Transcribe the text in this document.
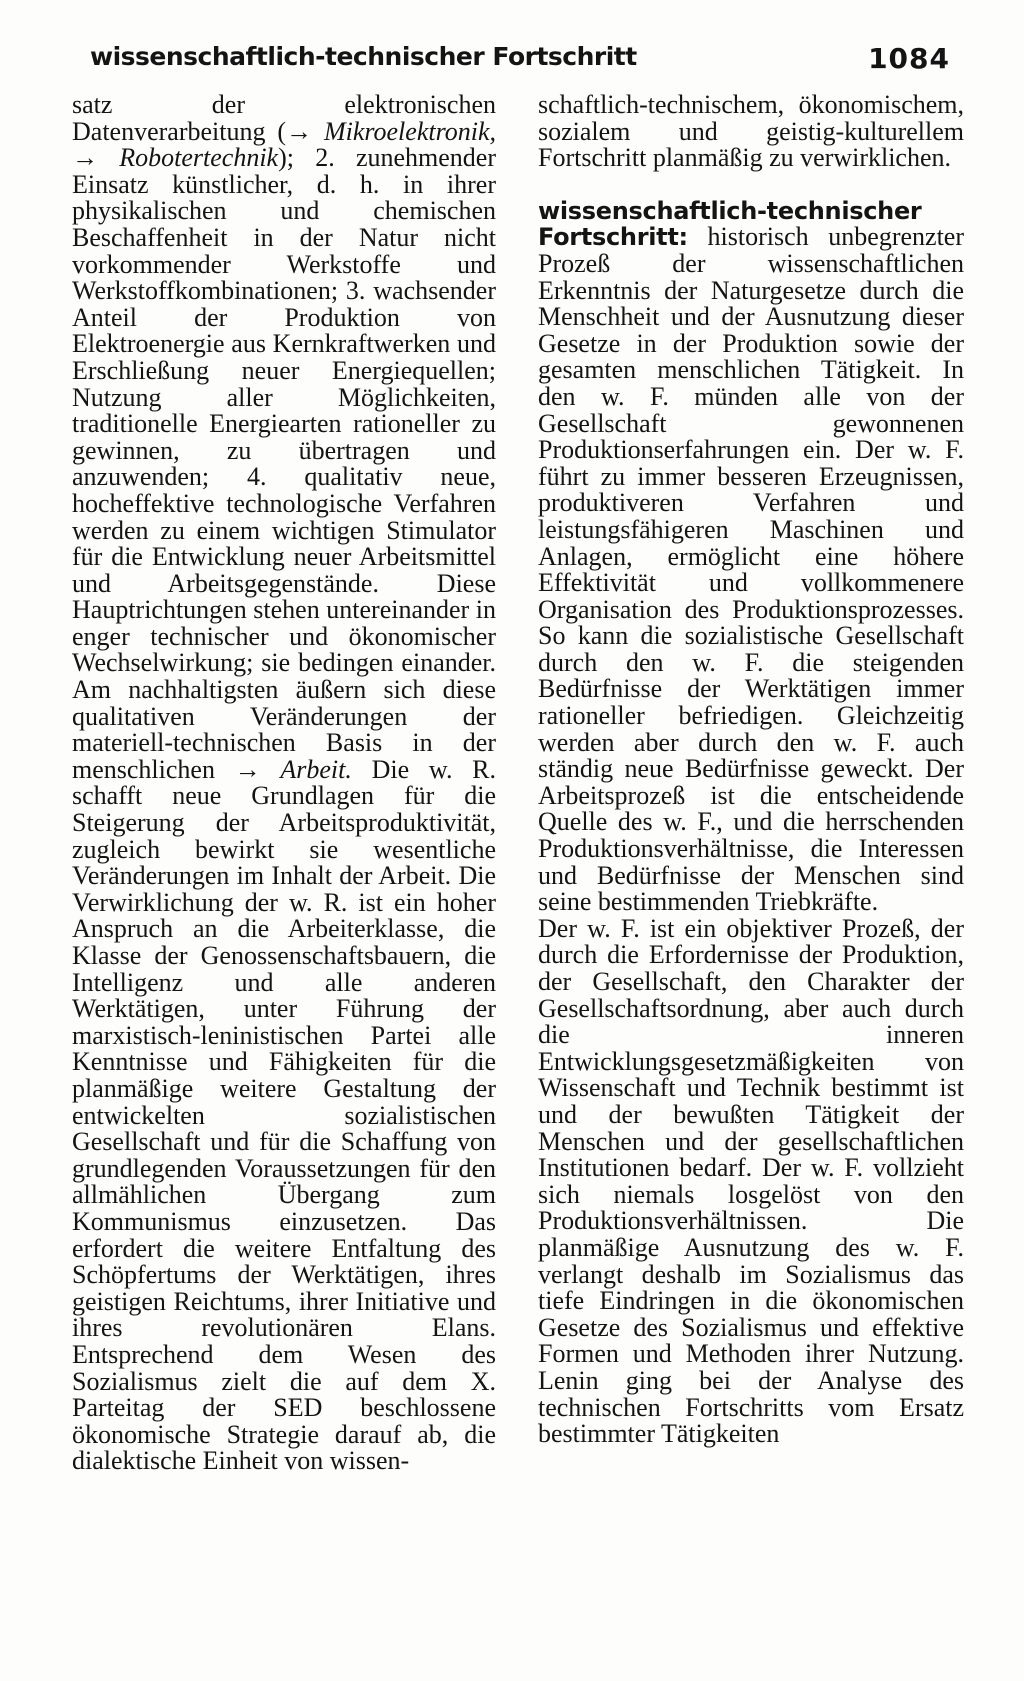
wissenschaftlich-technischer Fortschritt	1084

satz der elektronischen Datenverarbeitung (→ Mikroelektronik, → Robotertechnik); 2. zunehmender Einsatz künstlicher, d. h. in ihrer physikalischen und chemischen Beschaffenheit in der Natur nicht vorkommender Werkstoffe und Werkstoffkombinationen; 3. wachsender Anteil der Produktion von Elektroenergie aus Kernkraftwerken und Erschließung neuer Energiequellen; Nutzung aller Möglichkeiten, traditionelle Energiearten rationeller zu gewinnen, zu übertragen und anzuwenden; 4. qualitativ neue, hocheffektive technologische Verfahren werden zu einem wichtigen Stimulator für die Entwicklung neuer Arbeitsmittel und Arbeitsgegenstände. Diese Hauptrichtungen stehen untereinander in enger technischer und ökonomischer Wechselwirkung; sie bedingen einander. Am nachhaltigsten äußern sich diese qualitativen Veränderungen der materiell-technischen Basis in der menschlichen → Arbeit. Die w. R. schafft neue Grundlagen für die Steigerung der Arbeitsproduktivität, zugleich bewirkt sie wesentliche Veränderungen im Inhalt der Arbeit. Die Verwirklichung der w. R. ist ein hoher Anspruch an die Arbeiterklasse, die Klasse der Genossenschaftsbauern, die Intelligenz und alle anderen Werktätigen, unter Führung der marxistisch-leninistischen Partei alle Kenntnisse und Fähigkeiten für die planmäßige weitere Gestaltung der entwickelten sozialistischen Gesellschaft und für die Schaffung von grundlegenden Voraussetzungen für den allmählichen Übergang zum Kommunismus einzusetzen. Das erfordert die weitere Entfaltung des Schöpfertums der Werktätigen, ihres geistigen Reichtums, ihrer Initiative und ihres revolutionären Elans. Entsprechend dem Wesen des Sozialismus zielt die auf dem X. Parteitag der SED beschlossene ökonomische Strategie darauf ab, die dialektische Einheit von wissen-

schaftlich-technischem, ökonomischem, sozialem und geistig-kulturellem Fortschritt planmäßig zu verwirklichen.

wissenschaftlich-technischer Fortschritt: historisch unbegrenzter Prozeß der wissenschaftlichen Erkenntnis der Naturgesetze durch die Menschheit und der Ausnutzung dieser Gesetze in der Produktion sowie der gesamten menschlichen Tätigkeit. In den w. F. münden alle von der Gesellschaft gewonnenen Produktionserfahrungen ein. Der w. F. führt zu immer besseren Erzeugnissen, produktiveren Verfahren und leistungsfähigeren Maschinen und Anlagen, ermöglicht eine höhere Effektivität und vollkommenere Organisation des Produktionsprozesses. So kann die sozialistische Gesellschaft durch den w. F. die steigenden Bedürfnisse der Werktätigen immer rationeller befriedigen. Gleichzeitig werden aber durch den w. F. auch ständig neue Bedürfnisse geweckt. Der Arbeitsprozeß ist die entscheidende Quelle des w. F., und die herrschenden Produktionsverhältnisse, die Interessen und Bedürfnisse der Menschen sind seine bestimmenden Triebkräfte.

Der w. F. ist ein objektiver Prozeß, der durch die Erfordernisse der Produktion, der Gesellschaft, den Charakter der Gesellschaftsordnung, aber auch durch die inneren Entwicklungsgesetzmäßigkeiten von Wissenschaft und Technik bestimmt ist und der bewußten Tätigkeit der Menschen und der gesellschaftlichen Institutionen bedarf. Der w. F. vollzieht sich niemals losgelöst von den Produktionsverhältnissen. Die planmäßige Ausnutzung des w. F. verlangt deshalb im Sozialismus das tiefe Eindringen in die ökonomischen Gesetze des Sozialismus und effektive Formen und Methoden ihrer Nutzung. Lenin ging bei der Analyse des technischen Fortschritts vom Ersatz bestimmter Tätigkeiten
